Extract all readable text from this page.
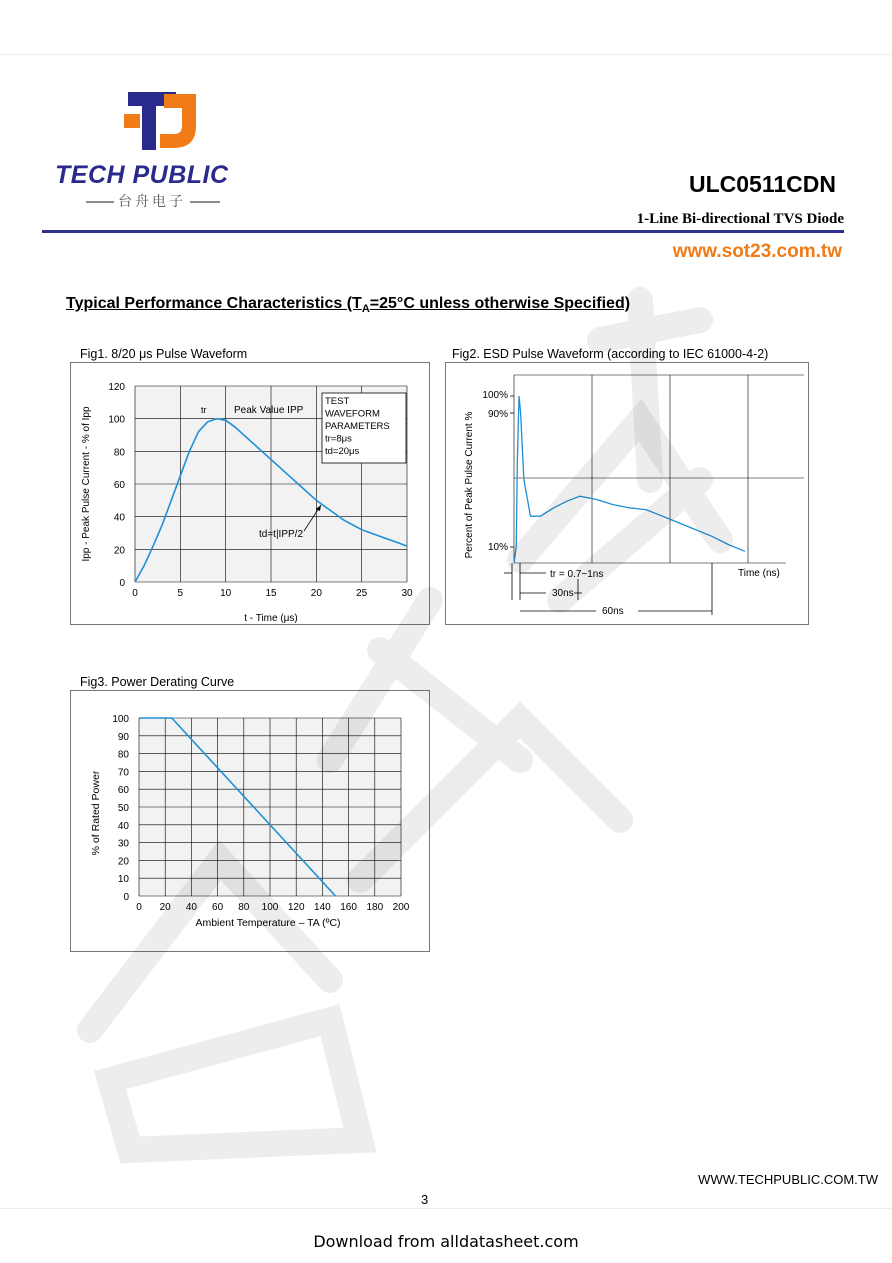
TECH PUBLIC
台舟电子
ULC0511CDN
1-Line Bi-directional TVS Diode
www.sot23.com.tw
Typical Performance Characteristics ($T_A=25^\circ C$ unless otherwise Specified)
Fig1. 8/20 μs Pulse Waveform
0	5	10	15	20	25	30
0
20
40
60
80
100
120
tr	Peak Value IPP
td=t|IPP/2
TEST
WAVEFORM
PARAMETERS
tr=8μs
td=20μs
Ipp - Peak Pulse Current - % of Ipp
t - Time (μs)
Fig2. ESD Pulse Waveform (according to IEC 61000-4-2)
tr = 0.7~1ns
30ns
60ns
Time (ns)
100%
90%
10%
Percent of Peak Pulse Current %
Fig3. Power Derating Curve
0 20 40 60 80 100 120 140 160 180 200
0
10
20
30
40
50
60
70
80
90
100
% of Rated Power
Ambient Temperature – TA (ºC)
WWW.TECHPUBLIC.COM.TW
3
Download from alldatasheet.com
